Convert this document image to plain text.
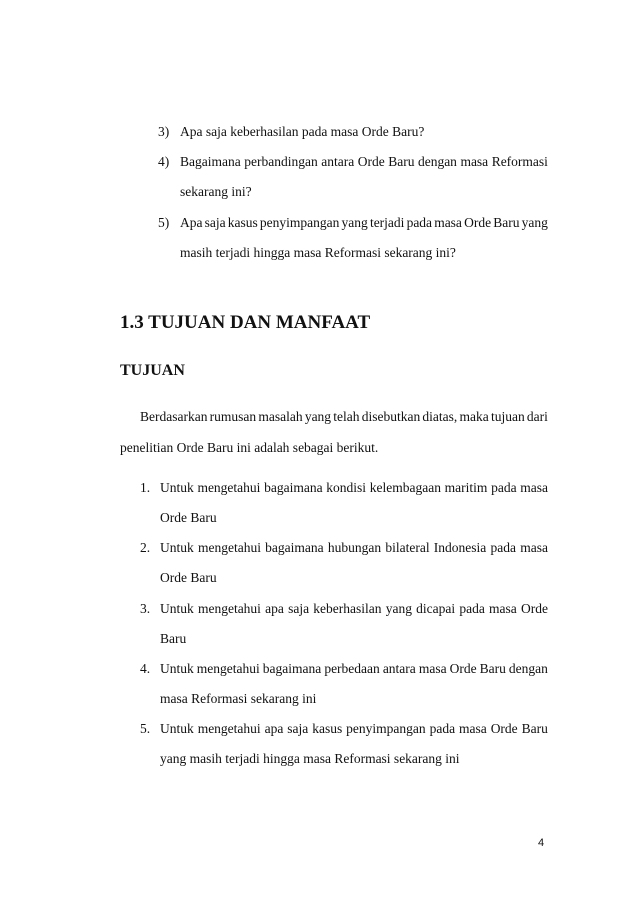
3) Apa saja keberhasilan pada masa Orde Baru?
4) Bagaimana perbandingan antara Orde Baru dengan masa Reformasi
sekarang ini?
5) Apa saja kasus penyimpangan yang terjadi pada masa Orde Baru yang
masih terjadi hingga masa Reformasi sekarang ini?
1.3 TUJUAN DAN MANFAAT
TUJUAN
Berdasarkan rumusan masalah yang telah disebutkan diatas, maka tujuan dari
penelitian Orde Baru ini adalah sebagai berikut.
1. Untuk mengetahui bagaimana kondisi kelembagaan maritim pada masa
Orde Baru
2. Untuk mengetahui bagaimana hubungan bilateral Indonesia pada masa
Orde Baru
3. Untuk mengetahui apa saja keberhasilan yang dicapai pada masa Orde
Baru
4. Untuk mengetahui bagaimana perbedaan antara masa Orde Baru dengan
masa Reformasi sekarang ini
5. Untuk mengetahui apa saja kasus penyimpangan pada masa Orde Baru
yang masih terjadi hingga masa Reformasi sekarang ini
4
